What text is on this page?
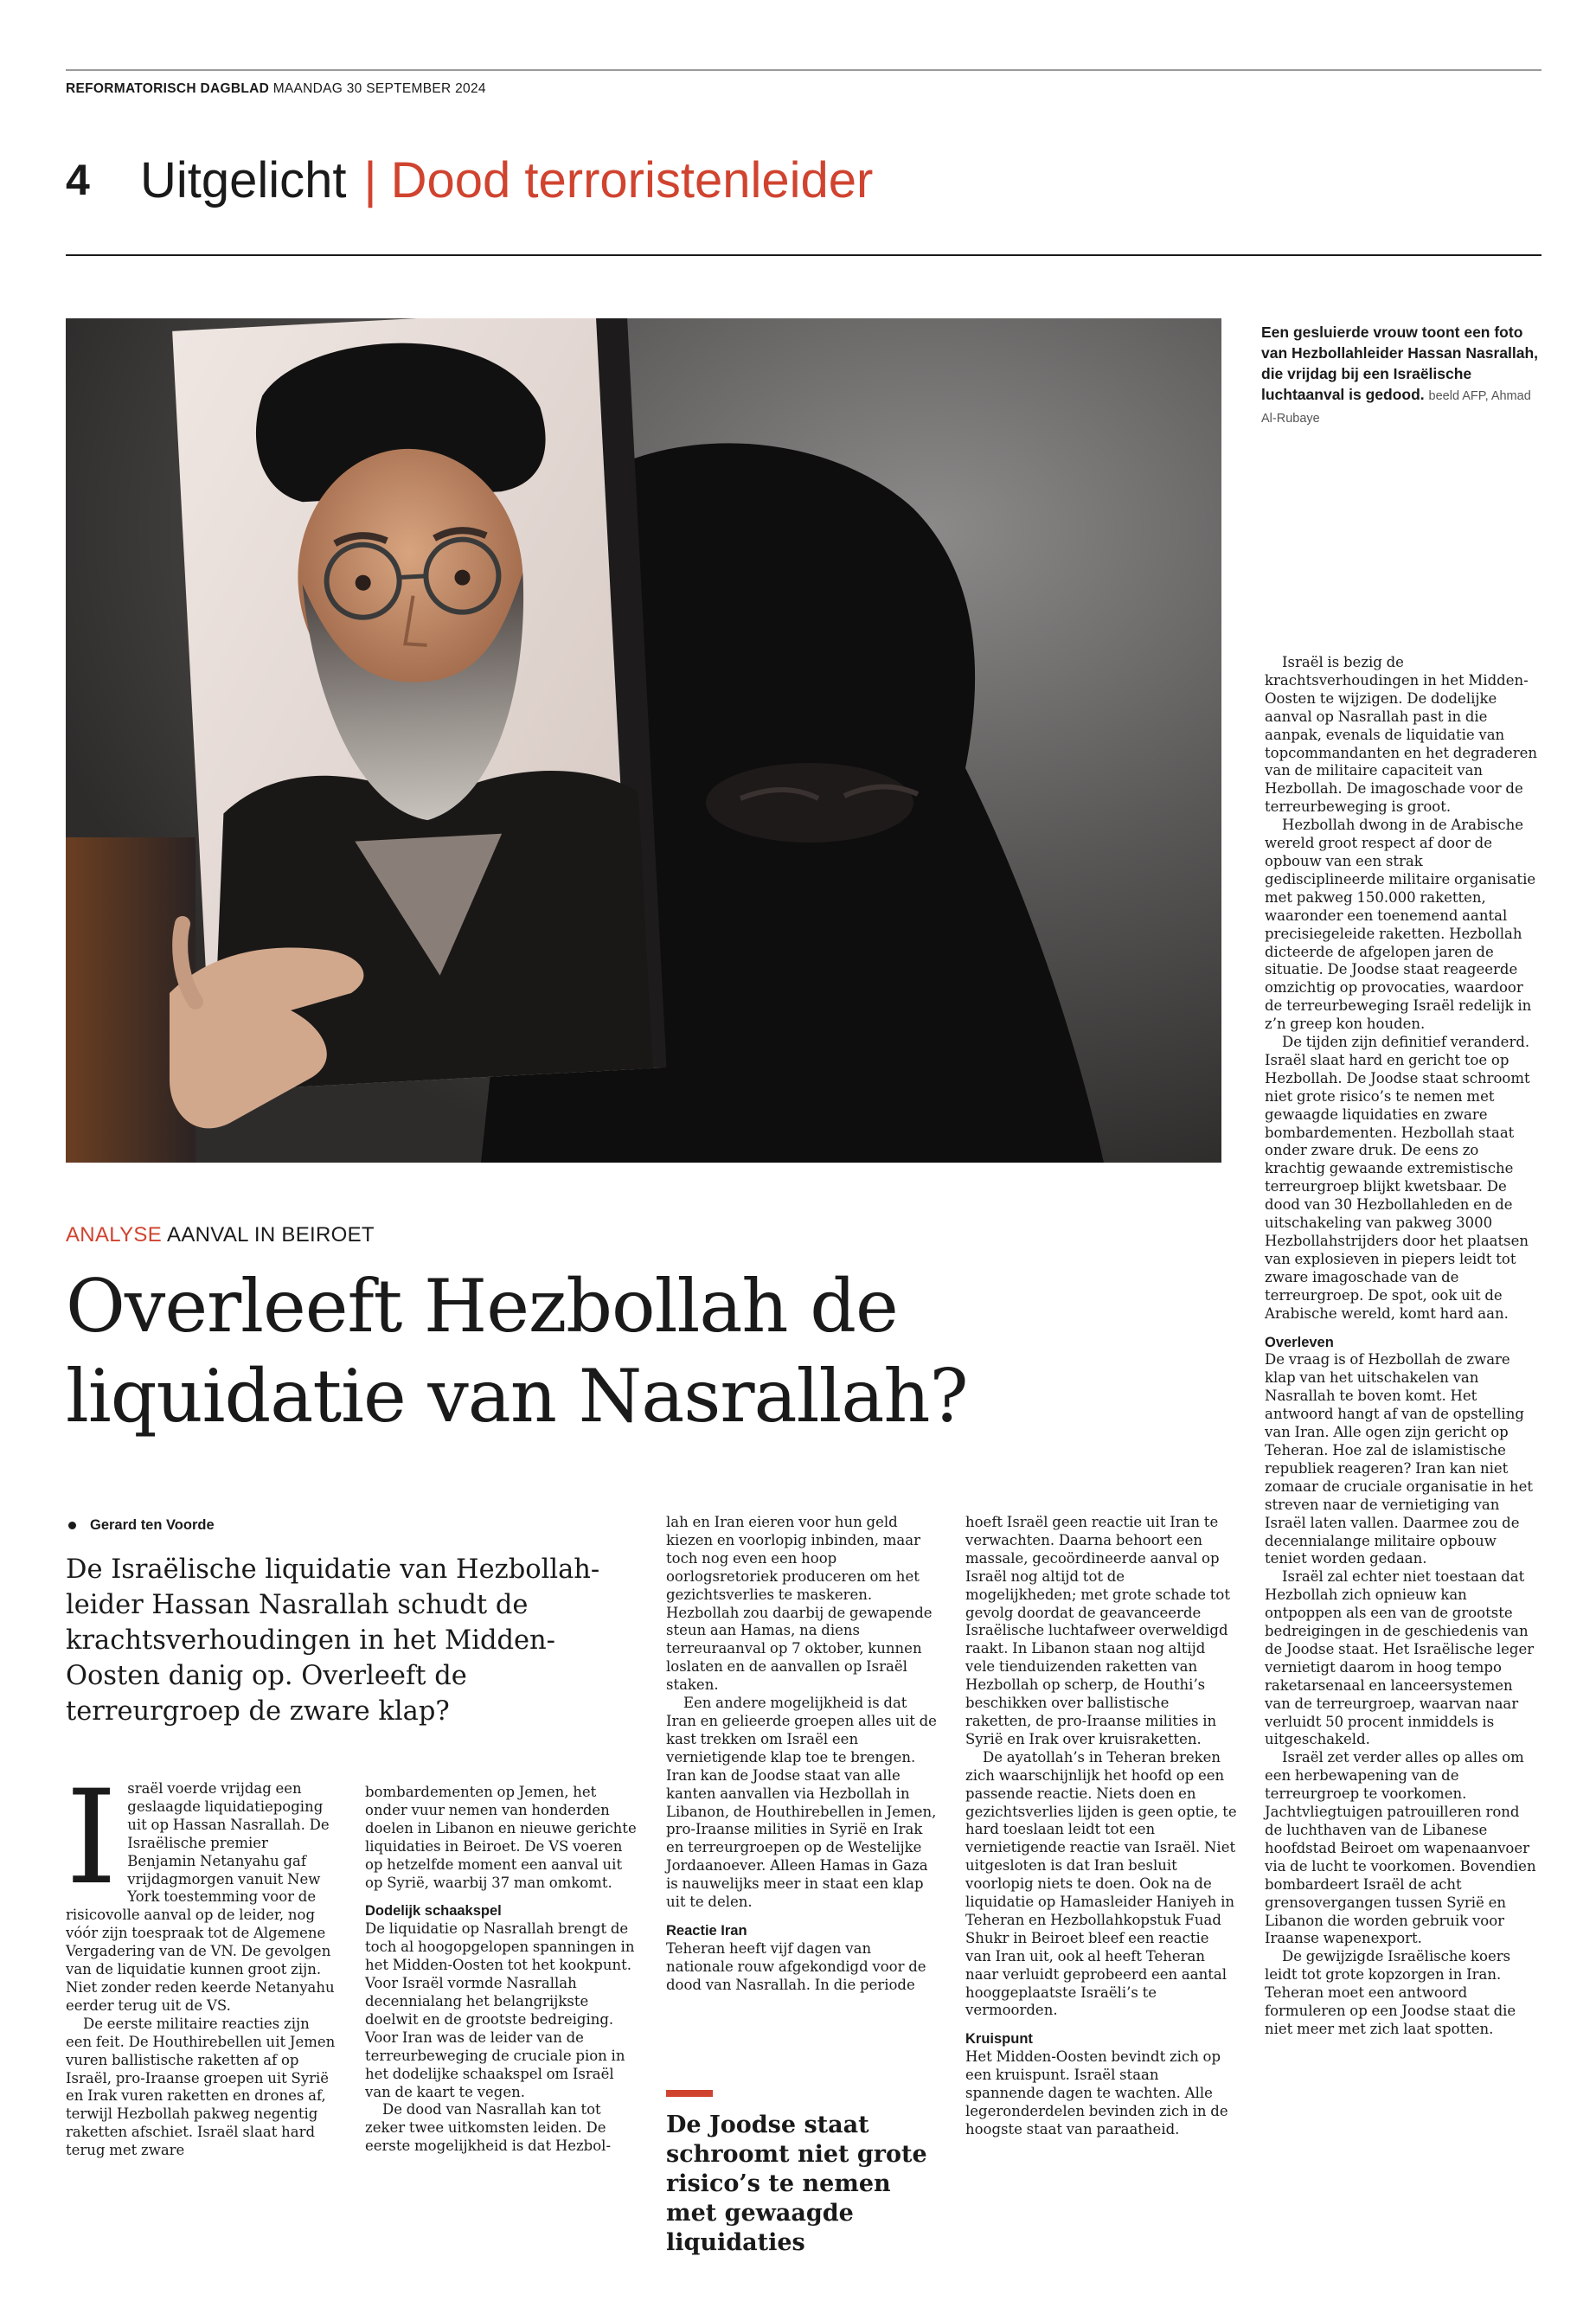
REFORMATORISCH DAGBLAD MAANDAG 30 SEPTEMBER 2024
4	Uitgelicht | Dood terroristenleider
Een gesluierde vrouw toont een foto van Hezbollahleider Hassan Nasrallah, die vrijdag bij een Israëlische luchtaanval is gedood. beeld AFP, Ahmad Al-Rubaye
ANALYSE AANVAL IN BEIROET
Overleeft Hezbollah de liquidatie van Nasrallah?
Gerard ten Voorde

De Israëlische liquidatie van Hezbollah-leider Hassan Nasrallah schudt de krachtsverhoudingen in het Midden-Oosten danig op. Overleeft de terreurgroep de zware klap?

I sraël voerde vrijdag een geslaagde liquidatiepoging uit op Hassan Nasrallah. De Israëlische premier Benjamin Netanyahu gaf vrijdagmorgen vanuit New York toestemming voor de risicovolle aanval op de leider, nog vóór zijn toespraak tot de Algemene Vergadering van de VN. De gevolgen van de liquidatie kunnen groot zijn. Niet zonder reden keerde Netanyahu eerder terug uit de VS.

De eerste militaire reacties zijn een feit. De Houthirebellen uit Jemen vuren ballistische raketten af op Israël, pro-Iraanse groepen uit Syrië en Irak vuren raketten en drones af, terwijl Hezbollah pakweg negentig raketten afschiet. Israël slaat hard terug met zware

bombardementen op Jemen, het onder vuur nemen van honderden doelen in Libanon en nieuwe gerichte liquidaties in Beiroet. De VS voeren op hetzelfde moment een aanval uit op Syrië, waarbij 37 man omkomt.

Dodelijk schaakspel

De liquidatie op Nasrallah brengt de toch al hoogopgelopen spanningen in het Midden-Oosten tot het kookpunt. Voor Israël vormde Nasrallah decennialang het belangrijkste doelwit en de grootste bedreiging. Voor Iran was de leider van de terreurbeweging de cruciale pion in het dodelijke schaakspel om Israël van de kaart te vegen.

De dood van Nasrallah kan tot zeker twee uitkomsten leiden. De eerste mogelijkheid is dat Hezbol-

lah en Iran eieren voor hun geld kiezen en voorlopig inbinden, maar toch nog even een hoop oorlogsretoriek produceren om het gezichtsverlies te maskeren. Hezbollah zou daarbij de gewapende steun aan Hamas, na diens terreuraanval op 7 oktober, kunnen loslaten en de aanvallen op Israël staken.

Een andere mogelijkheid is dat Iran en gelieerde groepen alles uit de kast trekken om Israël een vernietigende klap toe te brengen. Iran kan de Joodse staat van alle kanten aanvallen via Hezbollah in Libanon, de Houthirebellen in Jemen, pro-Iraanse milities in Syrië en Irak en terreurgroepen op de Westelijke Jordaanoever. Alleen Hamas in Gaza is nauwelijks meer in staat een klap uit te delen.

Reactie Iran

Teheran heeft vijf dagen van nationale rouw afgekondigd voor de dood van Nasrallah. In die periode

De Joodse staat schroomt niet grote risico’s te nemen met gewaagde liquidaties

hoeft Israël geen reactie uit Iran te verwachten. Daarna behoort een massale, gecoördineerde aanval op Israël nog altijd tot de mogelijkheden; met grote schade tot gevolg doordat de geavanceerde Israëlische luchtafweer overweldigd raakt. In Libanon staan nog altijd vele tienduizenden raketten van Hezbollah op scherp, de Houthi’s beschikken over ballistische raketten, de pro-Iraanse milities in Syrië en Irak over kruisraketten.

De ayatollah’s in Teheran breken zich waarschijnlijk het hoofd op een passende reactie. Niets doen en gezichtsverlies lijden is geen optie, te hard toeslaan leidt tot een vernietigende reactie van Israël. Niet uitgesloten is dat Iran besluit voorlopig niets te doen. Ook na de liquidatie op Hamasleider Haniyeh in Teheran en Hezbollahkopstuk Fuad Shukr in Beiroet bleef een reactie van Iran uit, ook al heeft Teheran naar verluidt geprobeerd een aantal hooggeplaatste Israëli’s te vermoorden.

Kruispunt

Het Midden-Oosten bevindt zich op een kruispunt. Israël staan spannende dagen te wachten. Alle legeronderdelen bevinden zich in de hoogste staat van paraatheid.

Israël is bezig de krachtsverhoudingen in het Midden-Oosten te wijzigen. De dodelijke aanval op Nasrallah past in die aanpak, evenals de liquidatie van topcommandanten en het degraderen van de militaire capaciteit van Hezbollah. De imagoschade voor de terreurbeweging is groot.

Hezbollah dwong in de Arabische wereld groot respect af door de opbouw van een strak gedisciplineerde militaire organisatie met pakweg 150.000 raketten, waaronder een toenemend aantal precisiegeleide raketten. Hezbollah dicteerde de afgelopen jaren de situatie. De Joodse staat reageerde omzichtig op provocaties, waardoor de terreurbeweging Israël redelijk in z’n greep kon houden.

De tijden zijn definitief veranderd. Israël slaat hard en gericht toe op Hezbollah. De Joodse staat schroomt niet grote risico’s te nemen met gewaagde liquidaties en zware bombardementen. Hezbollah staat onder zware druk. De eens zo krachtig gewaande extremistische terreurgroep blijkt kwetsbaar. De dood van 30 Hezbollahleden en de uitschakeling van pakweg 3000 Hezbollahstrijders door het plaatsen van explosieven in piepers leidt tot zware imagoschade van de terreurgroep. De spot, ook uit de Arabische wereld, komt hard aan.

Overleven

De vraag is of Hezbollah de zware klap van het uitschakelen van Nasrallah te boven komt. Het antwoord hangt af van de opstelling van Iran. Alle ogen zijn gericht op Teheran. Hoe zal de islamistische republiek reageren? Iran kan niet zomaar de cruciale organisatie in het streven naar de vernietiging van Israël laten vallen. Daarmee zou de decennialange militaire opbouw teniet worden gedaan.

Israël zal echter niet toestaan dat Hezbollah zich opnieuw kan ontpoppen als een van de grootste bedreigingen in de geschiedenis van de Joodse staat. Het Israëlische leger vernietigt daarom in hoog tempo raketarsenaal en lanceersystemen van de terreurgroep, waarvan naar verluidt 50 procent inmiddels is uitgeschakeld.

Israël zet verder alles op alles om een herbewapening van de terreurgroep te voorkomen. Jachtvliegtuigen patrouilleren rond de luchthaven van de Libanese hoofdstad Beiroet om wapenaanvoer via de lucht te voorkomen. Bovendien bombardeert Israël de acht grensovergangen tussen Syrië en Libanon die worden gebruik voor Iraanse wapenexport.

De gewijzigde Israëlische koers leidt tot grote kopzorgen in Iran. Teheran moet een antwoord formuleren op een Joodse staat die niet meer met zich laat spotten.
